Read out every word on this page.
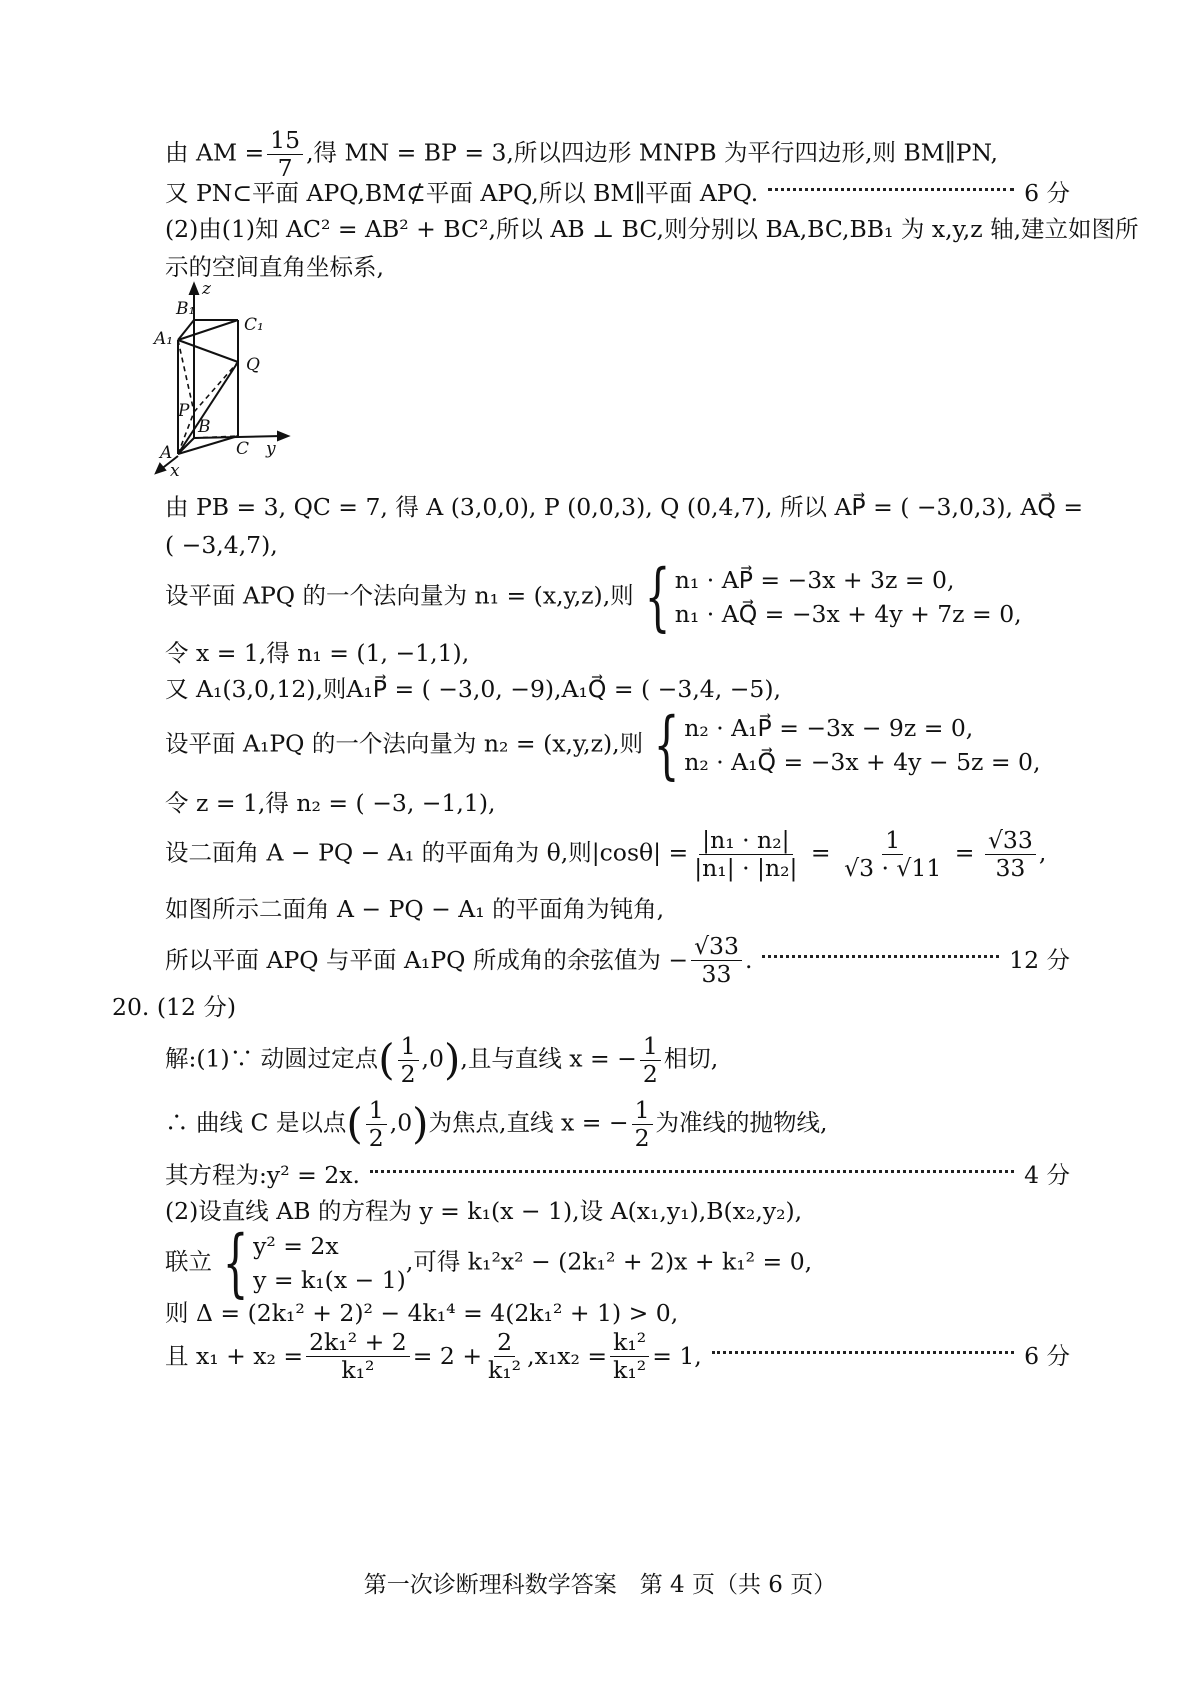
由 AM = $\frac{15}{7}$ ,得 MN = BP = 3,所以四边形 MNPB 为平行四边形,则 BM∥PN,
又 PN⊂平面 APQ,BM⊄平面 APQ,所以 BM∥平面 APQ.	6 分
(2)由(1)知 AC² = AB² + BC²,所以 AB ⊥ BC,则分别以 BA,BC,BB₁ 为 x,y,z 轴,建立如图所
示的空间直角坐标系,
B₁
C₁
A₁
Q
P
B
A	C y
x
z
由 PB = 3, QC = 7, 得 A (3,0,0), P (0,0,3), Q (0,4,7), 所以 AP⃗ = ( −3,0,3), AQ⃗ =
( −3,4,7),
设平面 APQ 的一个法向量为 n₁ = (x,y,z),则 { n₁ · AP⃗ = −3x + 3z = 0,
n₁ · AQ⃗ = −3x + 4y + 7z = 0,
令 x = 1,得 n₁ = (1, −1,1),
又 A₁(3,0,12),则A₁P⃗ = ( −3,0, −9),A₁Q⃗ = ( −3,4, −5),
设平面 A₁PQ 的一个法向量为 n₂ = (x,y,z),则 { n₂ · A₁P⃗ = −3x − 9z = 0,
n₂ · A₁Q⃗ = −3x + 4y − 5z = 0,
令 z = 1,得 n₂ = ( −3, −1,1),
设二面角 A − PQ − A₁ 的平面角为 θ,则$|\cos\theta| = \frac{\text{|n₁ · n₂|}}{\text{|n₁| · |n₂|}} = \frac{1}{√3 \cdot √11} = \frac{√33}{33}$ ,
如图所示二面角 A − PQ − A₁ 的平面角为钝角,
所以平面 APQ 与平面 A₁PQ 所成角的余弦值为 − $\frac{√33}{33}$ .	12 分
20. (12 分)
解:(1)∵ 动圆过定点( $\frac{1}{2} ,0$),且与直线 x = − $\frac{1}{2}$ 相切,
∴ 曲线 C 是以点( $\frac{1}{2} ,0$)为焦点,直线 x = − $\frac{1}{2}$ 为准线的抛物线,
其方程为:y² = 2x.	4 分
(2)设直线 AB 的方程为 y = k₁(x − 1),设 A(x₁,y₁),B(x₂,y₂),
联立 { y² = 2x
y = k₁(x − 1)
,可得 k₁²x² − (2k₁² + 2)x + k₁² = 0,
则 Δ = (2k₁² + 2)² − 4k₁⁴ = 4(2k₁² + 1) > 0,
且 $x_1 + x_2 = \frac{\text{2k₁² + 2}}{\text{k₁²}} = 2 + \frac{2}{\text{k₁²}} ,x_1x_2 = \frac{\text{k₁²}}{\text{k₁²}} = 1$,	6 分
第一次诊断理科数学答案　第 4 页（共 6 页）
